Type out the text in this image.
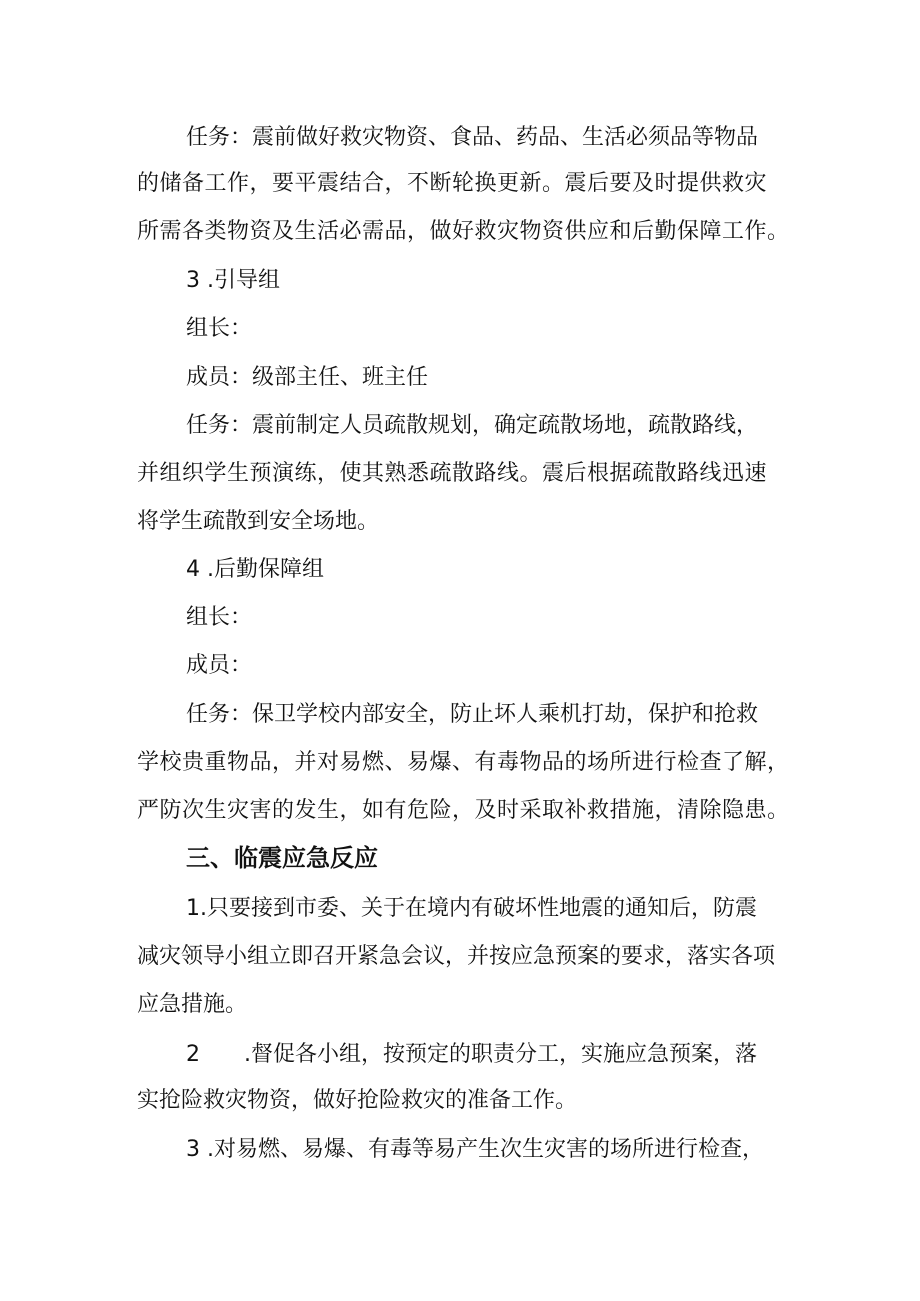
任务：震前做好救灾物资、食品、药品、生活必须品等物品

的储备工作，要平震结合，不断轮换更新。震后要及时提供救灾

所需各类物资及生活必需品，做好救灾物资供应和后勤保障工作。

3 .引导组

组长：

成员：级部主任、班主任

任务：震前制定人员疏散规划，确定疏散场地，疏散路线，

并组织学生预演练，使其熟悉疏散路线。震后根据疏散路线迅速

将学生疏散到安全场地。

4 .后勤保障组

组长：

成员：

任务：保卫学校内部安全，防止坏人乘机打劫，保护和抢救

学校贵重物品，并对易燃、易爆、有毒物品的场所进行检查了解，

严防次生灾害的发生，如有危险，及时采取补救措施，清除隐患。

三、临震应急反应

1.只要接到市委、关于在境内有破坏性地震的通知后，防震

减灾领导小组立即召开紧急会议，并按应急预案的要求，落实各项

应急措施。

2　　.督促各小组，按预定的职责分工，实施应急预案，落

实抢险救灾物资，做好抢险救灾的准备工作。

3 .对易燃、易爆、有毒等易产生次生灾害的场所进行检查，
